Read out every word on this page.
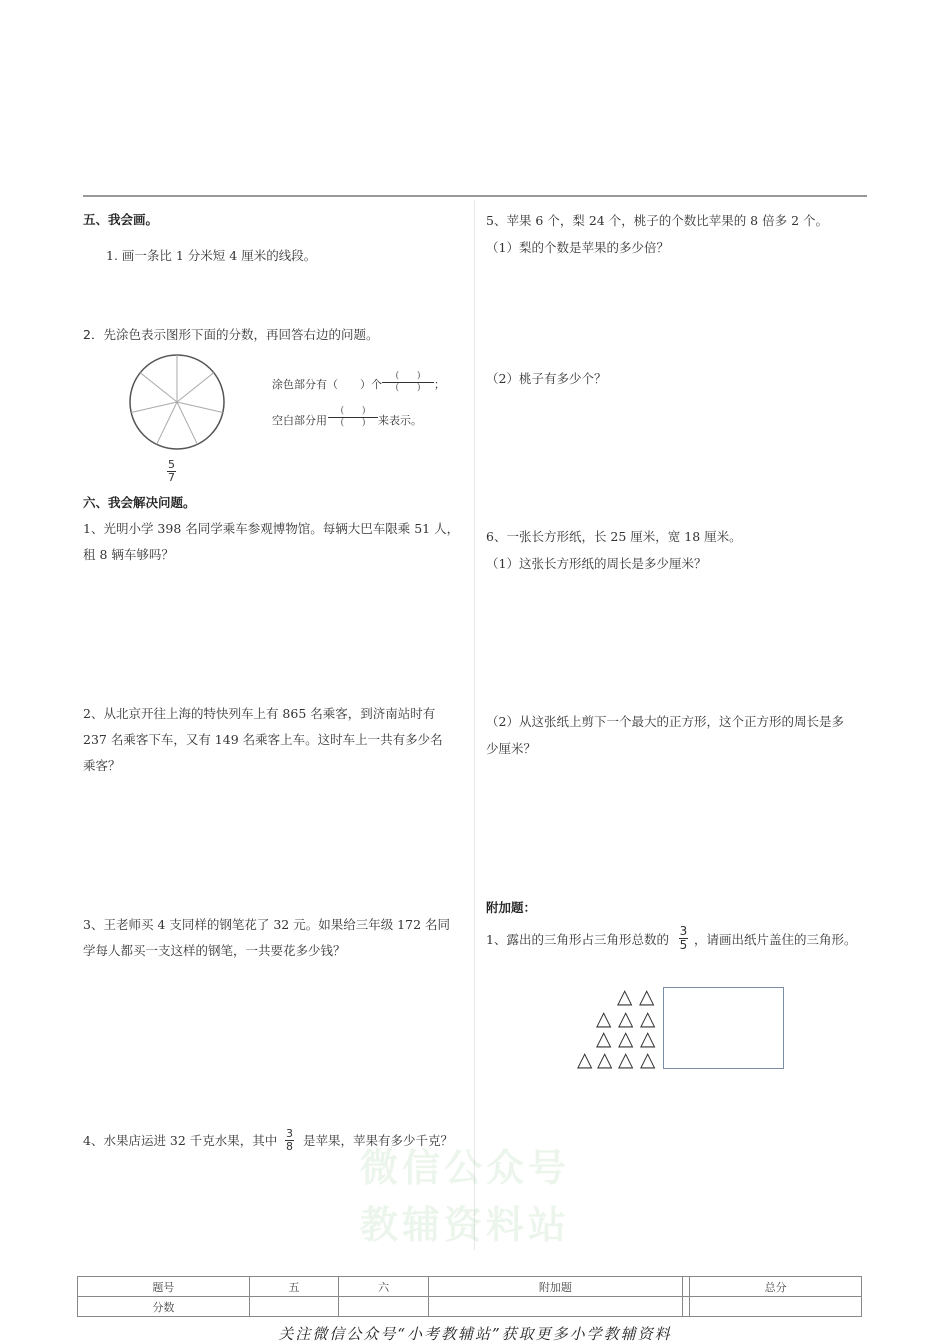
微信公众号
教辅资料站
五、我会画。
1. 画一条比 1 分米短 4 厘米的线段。
2．先涂色表示图形下面的分数，再回答右边的问题。
5
7
涂色部分有（　　）个
(　　)
(　　) ；
空白部分用
(　　)
(　　) 来表示。
六、我会解决问题。
1、光明小学 398 名同学乘车参观博物馆。每辆大巴车限乘 51 人，
租 8 辆车够吗？
2、从北京开往上海的特快列车上有 865 名乘客，到济南站时有
237 名乘客下车，又有 149 名乘客上车。这时车上一共有多少名
乘客？
3、王老师买 4 支同样的钢笔花了 32 元。如果给三年级 172 名同
学每人都买一支这样的钢笔，一共要花多少钱？
4、水果店运进 32 千克水果，其中 3
8 是苹果，苹果有多少千克？
5、苹果 6 个，梨 24 个，桃子的个数比苹果的 8 倍多 2 个。
（1）梨的个数是苹果的多少倍？
（2）桃子有多少个？
6、一张长方形纸，长 25 厘米，宽 18 厘米。
（1）这张长方形纸的周长是多少厘米？
（2）从这张纸上剪下一个最大的正方形，这个正方形的周长是多
少厘米？
附加题：
1、露出的三角形占三角形总数的
3
5 ，请画出纸片盖住的三角形。
△ △
△ △ △
△ △ △
△ △ △ △
题号	五	六	附加题		总分
分数					
关注微信公众号“小考教辅站”获取更多小学教辅资料
